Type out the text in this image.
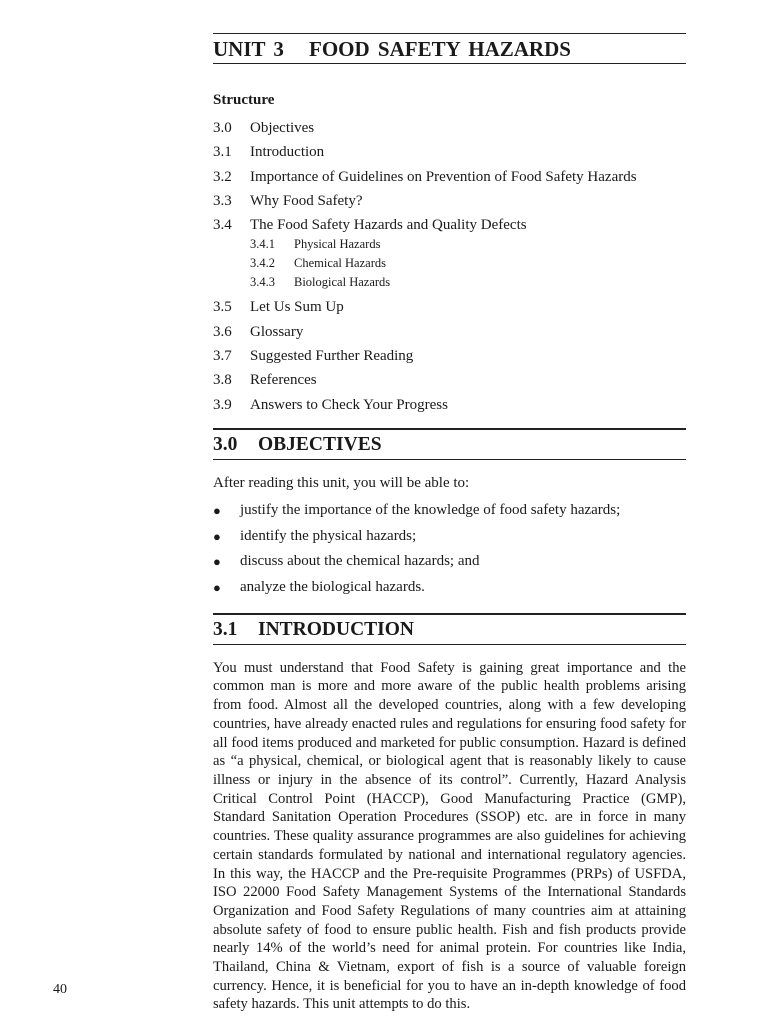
UNIT 3 FOOD SAFETY HAZARDS
Structure
3.0	Objectives
3.1	Introduction
3.2	Importance of Guidelines on Prevention of Food Safety Hazards
3.3	Why Food Safety?
3.4	The Food Safety Hazards and Quality Defects
3.4.1	Physical Hazards
3.4.2	Chemical Hazards
3.4.3	Biological Hazards
3.5	Let Us Sum Up
3.6	Glossary
3.7	Suggested Further Reading
3.8	References
3.9	Answers to Check Your Progress
3.0 OBJECTIVES
After reading this unit, you will be able to:
●	justify the importance of the knowledge of food safety hazards;
●	identify the physical hazards;
●	discuss about the chemical hazards; and
●	analyze the biological hazards.
3.1 INTRODUCTION
You must understand that Food Safety is gaining great importance and the common man is more and more aware of the public health problems arising from food. Almost all the developed countries, along with a few developing countries, have already enacted rules and regulations for ensuring food safety for all food items produced and marketed for public consumption. Hazard is defined as “a physical, chemical, or biological agent that is reasonably likely to cause illness or injury in the absence of its control”. Currently, Hazard Analysis Critical Control Point (HACCP), Good Manufacturing Practice (GMP), Standard Sanitation Operation Procedures (SSOP) etc. are in force in many countries. These quality assurance programmes are also guidelines for achieving certain standards formulated by national and international regulatory agencies. In this way, the HACCP and the Pre-requisite Programmes (PRPs) of USFDA, ISO 22000 Food Safety Management Systems of the International Standards Organization and Food Safety Regulations of many countries aim at attaining absolute safety of food to ensure public health. Fish and fish products provide nearly 14% of the world’s need for animal protein. For countries like India, Thailand, China & Vietnam, export of fish is a source of valuable foreign currency. Hence, it is beneficial for you to have an in-depth knowledge of food safety hazards. This unit attempts to do this.
40
